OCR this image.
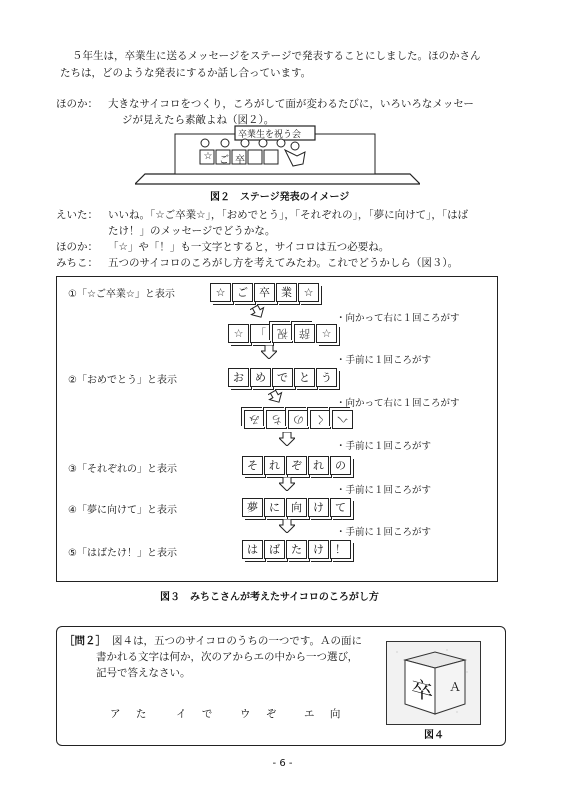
５年生は，卒業生に送るメッセージをステージで発表することにしました。ほのかさん
たちは，どのような発表にするか話し合っています。
ほのか： 大きなサイコロをつくり，ころがして面が変わるたびに，いろいろなメッセー
ジが見えたら素敵よね（図２）。
卒業生を祝う会
☆ ご 卒
図２　ステージ発表のイメージ
えいた： いいね。「☆ご卒業☆」，「おめでとう」，「それぞれの」，「夢に向けて」，「はば
たけ！」のメッセージでどうかな。
ほのか： 「☆」や「！」も一文字とすると，サイコロは五つ必要ね。
みちこ： 五つのサイコロのころがし方を考えてみたわ。これでどうかしら（図３）。
①「☆ご卒業☆」と表示	☆	ご	卒	業	☆
・向かって右に１回ころがす
☆	「	祝	辞	☆
・手前に１回ころがす
②「おめでとう」と表示	お	め	で	と	う
・向かって右に１回ころがす
み	ち	の	く	へ
・手前に１回ころがす
③「それぞれの」と表示	そ	れ	ぞ	れ	の
・手前に１回ころがす
④「夢に向けて」と表示	夢	に	向	け	て
・手前に１回ころがす
⑤「はばたけ！」と表示	は	ば	た	け	！
図３　みちこさんが考えたサイコロのころがし方
［問２］ 図４は，五つのサイコロのうちの一つです。Ａの面に
書かれる文字は何か，次のアからエの中から一つ選び，
記号で答えなさい。
ア た	イ で ウ ぞ エ 向
卒 Ａ
図４
- 6 -
